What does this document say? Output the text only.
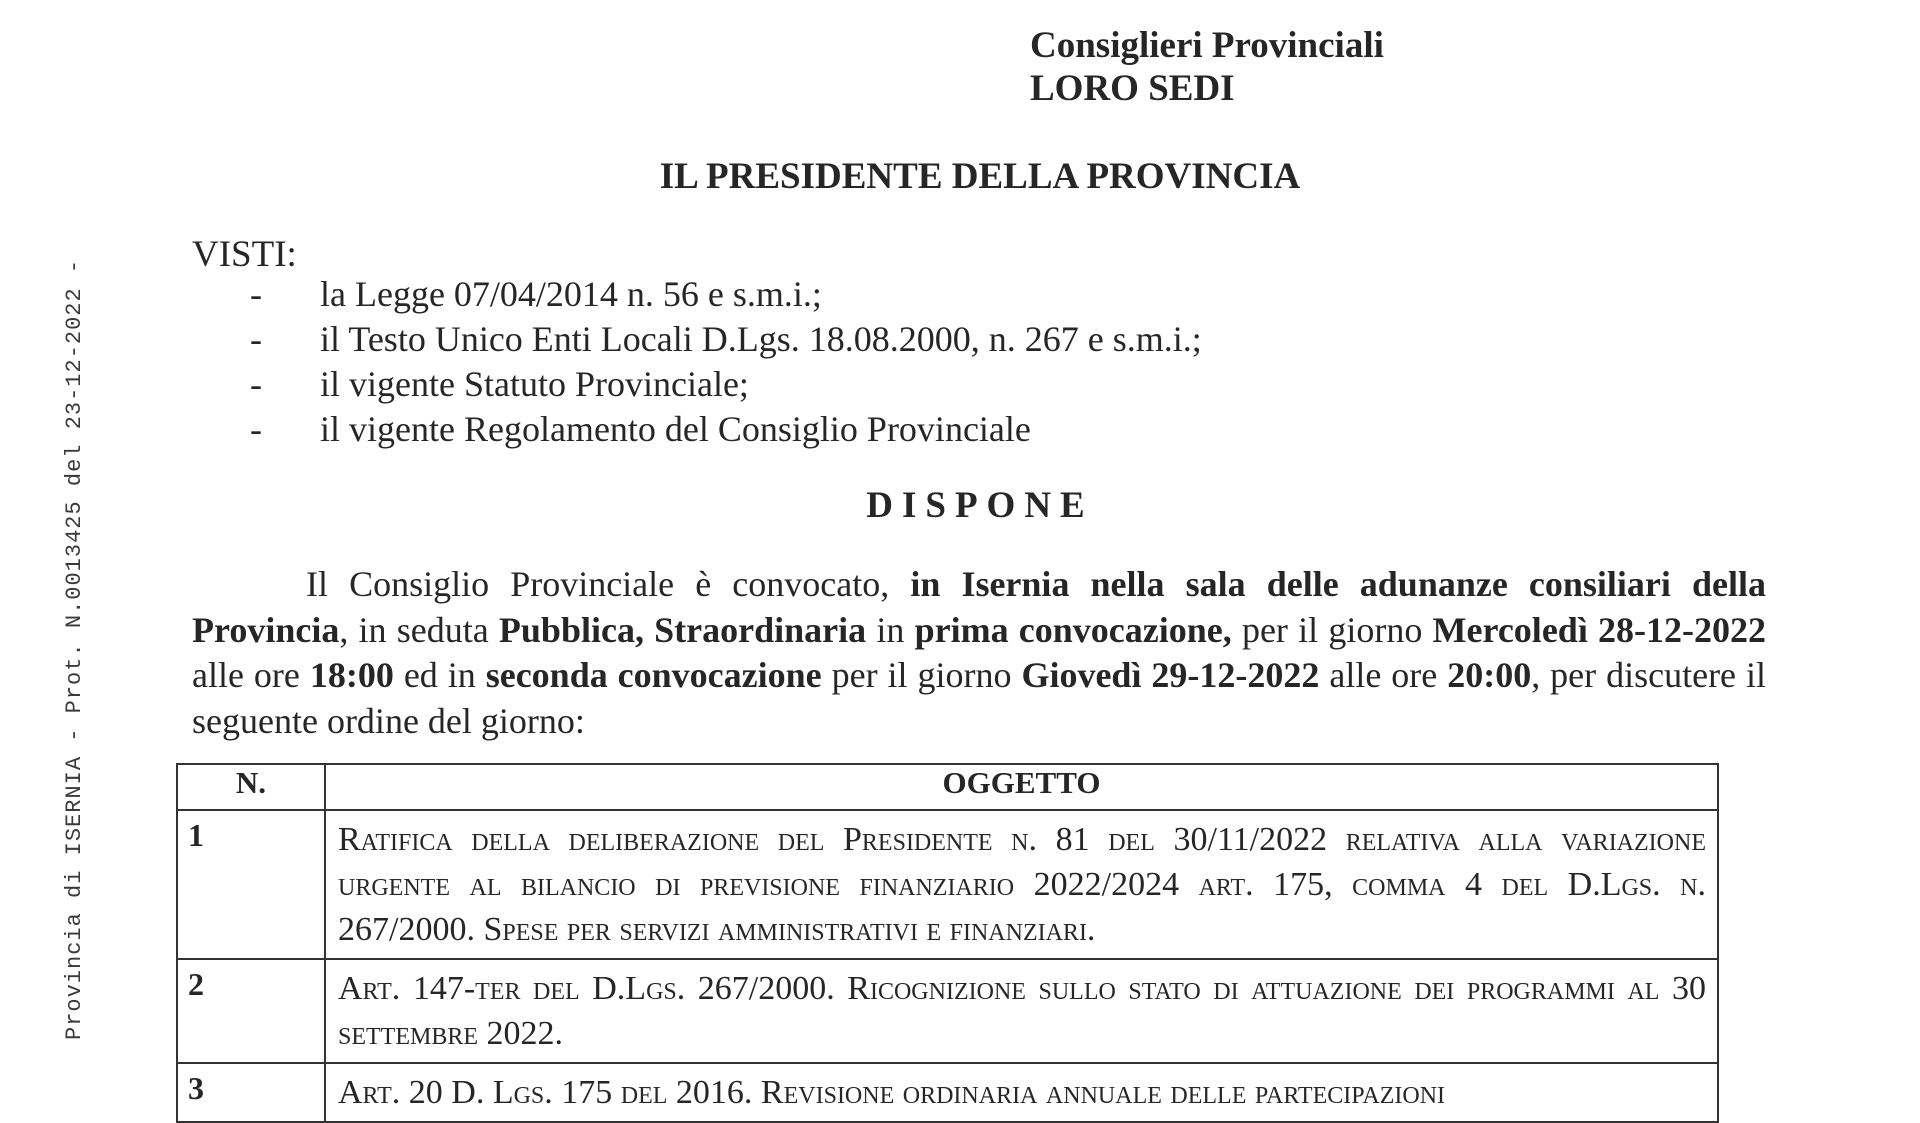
Provincia di ISERNIA - Prot. N.0013425 del 23-12-2022 -
Consiglieri Provinciali
LORO SEDI
IL PRESIDENTE DELLA PROVINCIA
VISTI:
- la Legge 07/04/2014 n. 56 e s.m.i.;
- il Testo Unico Enti Locali D.Lgs. 18.08.2000, n. 267 e s.m.i.;
- il vigente Statuto Provinciale;
- il vigente Regolamento del Consiglio Provinciale
DISPONE

Il Consiglio Provinciale è convocato, in Isernia nella sala delle adunanze consiliari della Provincia, in seduta Pubblica, Straordinaria in prima convocazione, per il giorno Mercoledì 28-12-2022 alle ore 18:00 ed in seconda convocazione per il giorno Giovedì 29-12-2022 alle ore 20:00, per discutere il seguente ordine del giorno:

N.	OGGETTO
1	Ratifica della deliberazione del Presidente n. 81 del 30/11/2022 relativa alla variazione urgente al bilancio di previsione finanziario 2022/2024 art. 175, comma 4 del D.Lgs. n. 267/2000. Spese per servizi amministrativi e finanziari.
2	Art. 147-ter del D.Lgs. 267/2000. Ricognizione sullo stato di attuazione dei programmi al 30 settembre 2022.
3	Art. 20 D. Lgs. 175 del 2016. Revisione ordinaria annuale delle partecipazioni
